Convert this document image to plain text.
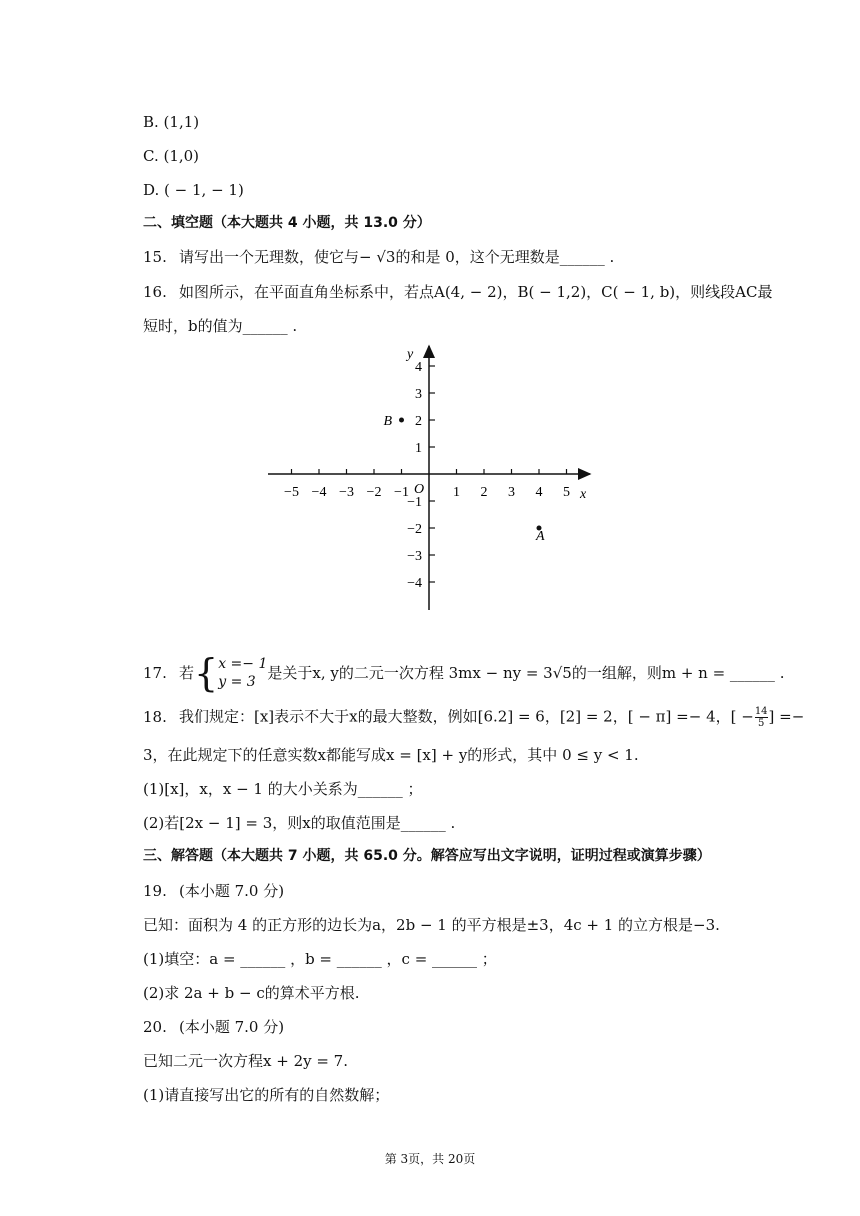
B. (1,1)
C. (1,0)
D. ( − 1, − 1)
二、填空题（本大题共 4 小题，共 13.0 分）
15. 请写出一个无理数，使它与− √3的和是 0，这个无理数是______ .
16. 如图所示，在平面直角坐标系中，若点A(4, − 2)，B( − 1,2)，C( − 1, b)，则线段AC最
短时，b的值为______ .
−5 −4 −3 −2 −1	1 2 3 4 5
4
3
2
1
−1
−2
−3
−4
x
y
O
B
A
17. 若{ x =− 1
y = 3 是关于x, y的二元一次方程 3mx − ny = 3√5的一组解，则m + n = ______ .
18. 我们规定：[x]表示不大于x的最大整数，例如[6.2] = 6，[2] = 2，[ − π] =− 4，[ − $\frac{14}{5}$ ] =−
3，在此规定下的任意实数x都能写成x = [x] + y的形式，其中 0 ≤ y < 1.
(1)[x]，x，x − 1 的大小关系为______ ；
(2)若[2x − 1] = 3，则x的取值范围是______ .
三、解答题（本大题共 7 小题，共 65.0 分。解答应写出文字说明，证明过程或演算步骤）
19. (本小题 7.0 分)
已知：面积为 4 的正方形的边长为a，2b − 1 的平方根是±3，4c + 1 的立方根是−3.
(1)填空：a = ______ ，b = ______ ，c = ______ ；
(2)求 2a + b − c的算术平方根.
20. (本小题 7.0 分)
已知二元一次方程x + 2y = 7.
(1)请直接写出它的所有的自然数解；
第 3页，共 20页
